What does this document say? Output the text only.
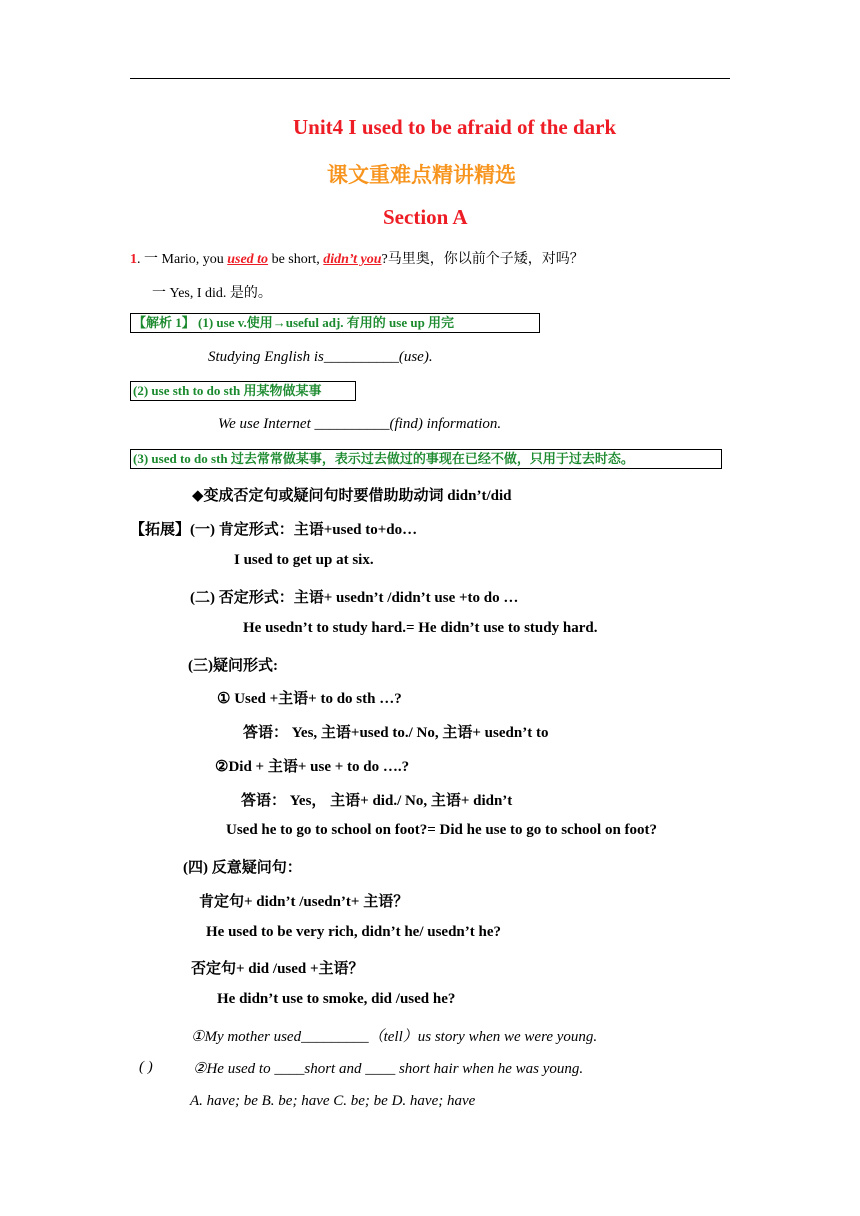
Unit4 I used to be afraid of the dark
课文重难点精讲精选
Section A
1. 一 Mario, you used to be short, didn’t you?马里奥，你以前个子矮，对吗？
一 Yes, I did. 是的。
【解析 1】 (1) use v.使用→useful adj. 有用的 use up 用完
Studying English is__________(use).
(2) use sth to do sth 用某物做某事
We use Internet __________(find) information.
(3) used to do sth 过去常常做某事，表示过去做过的事现在已经不做，只用于过去时态。
◆变成否定句或疑问句时要借助助动词 didn’t/did
【拓展】(一) 肯定形式：主语+used to+do…
I used to get up at six.
(二) 否定形式：主语+ usedn’t /didn’t use +to do …
He usedn’t to study hard.= He didn’t use to study hard.
(三)疑问形式:
① Used +主语+ to do sth …?
答语： Yes, 主语+used to./ No, 主语+ usedn’t to
②Did + 主语+ use + to do ….?
答语： Yes， 主语+ did./ No, 主语+ didn’t
Used he to go to school on foot?= Did he use to go to school on foot?
(四) 反意疑问句：
肯定句+ didn’t /usedn’t+ 主语？
He used to be very rich, didn’t he/ usedn’t he?
否定句+ did /used +主语？
He didn’t use to smoke, did /used he?
①My mother used_________（tell）us story when we were young.
( )	②He used to ____short and ____ short hair when he was young.
A. have; be B. be; have C. be; be D. have; have
